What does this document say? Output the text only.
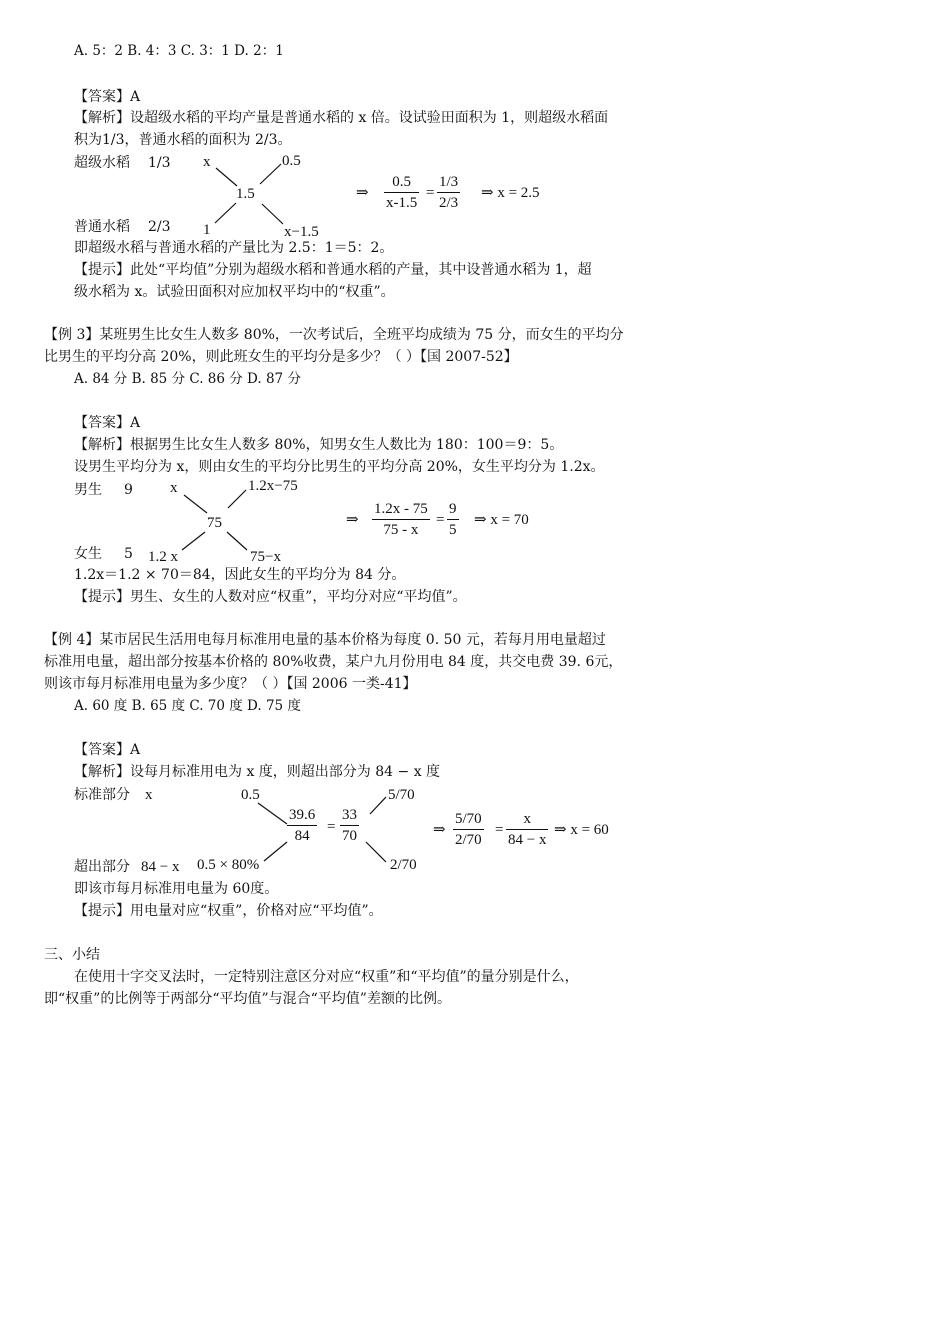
A. 5：2 B. 4：3 C. 3：1 D. 2：1
【答案】A
【解析】设超级水稻的平均产量是普通水稻的 x 倍。设试验田面积为 1，则超级水稻面
积为1/3，普通水稻的面积为 2/3。
超级水稻 1/3 x	0.5
1.5	⇒ $\frac{0.5}{x-1.5} = \frac{1/3}{2/3}$ ⇒ x = 2.5
普通水稻 2/3 1	x−1.5
即超级水稻与普通水稻的产量比为 2.5：1＝5：2。
【提示】此处“平均值”分别为超级水稻和普通水稻的产量，其中设普通水稻为 1，超
级水稻为 x。试验田面积对应加权平均中的“权重”。
【例 3】某班男生比女生人数多 80%，一次考试后，全班平均成绩为 75 分，而女生的平均分
比男生的平均分高 20%，则此班女生的平均分是多少？（ ）【国 2007-52】
A. 84 分 B. 85 分 C. 86 分 D. 87 分
【答案】A
【解析】根据男生比女生人数多 80%，知男女生人数比为 180：100＝9：5。
设男生平均分为 x，则由女生的平均分比男生的平均分高 20%，女生平均分为 1.2x。
男生 9 x	1.2x−75
75	⇒ $\frac{1.2x - 75}{75 - x} = \frac{9}{5}$ ⇒ x = 70
女生 5 1.2 x	75−x
1.2x＝1.2 × 70＝84，因此女生的平均分为 84 分。
【提示】男生、女生的人数对应“权重”，平均分对应“平均值”。
【例 4】某市居民生活用电每月标准用电量的基本价格为每度 0. 50 元，若每月用电量超过
标准用电量，超出部分按基本价格的 80%收费，某户九月份用电 84 度，共交电费 39. 6元，
则该市每月标准用电量为多少度？（ ）【国 2006 一类-41】
A. 60 度 B. 65 度 C. 70 度 D. 75 度
【答案】A
【解析】设每月标准用电为 x 度，则超出部分为 84 − x 度
标准部分 x	0.5	5/70
$\frac{39.6}{84} = \frac{33}{70}$	⇒ $\frac{5/70}{2/70} = \frac{x}{84 - x}$ ⇒ x = 60
超出部分 84 − x 0.5 × 80%	2/70
即该市每月标准用电量为 60度。
【提示】用电量对应“权重”，价格对应“平均值”。
三、小结
在使用十字交叉法时，一定特别注意区分对应“权重”和“平均值”的量分别是什么，
即“权重”的比例等于两部分“平均值”与混合“平均值”差额的比例。
